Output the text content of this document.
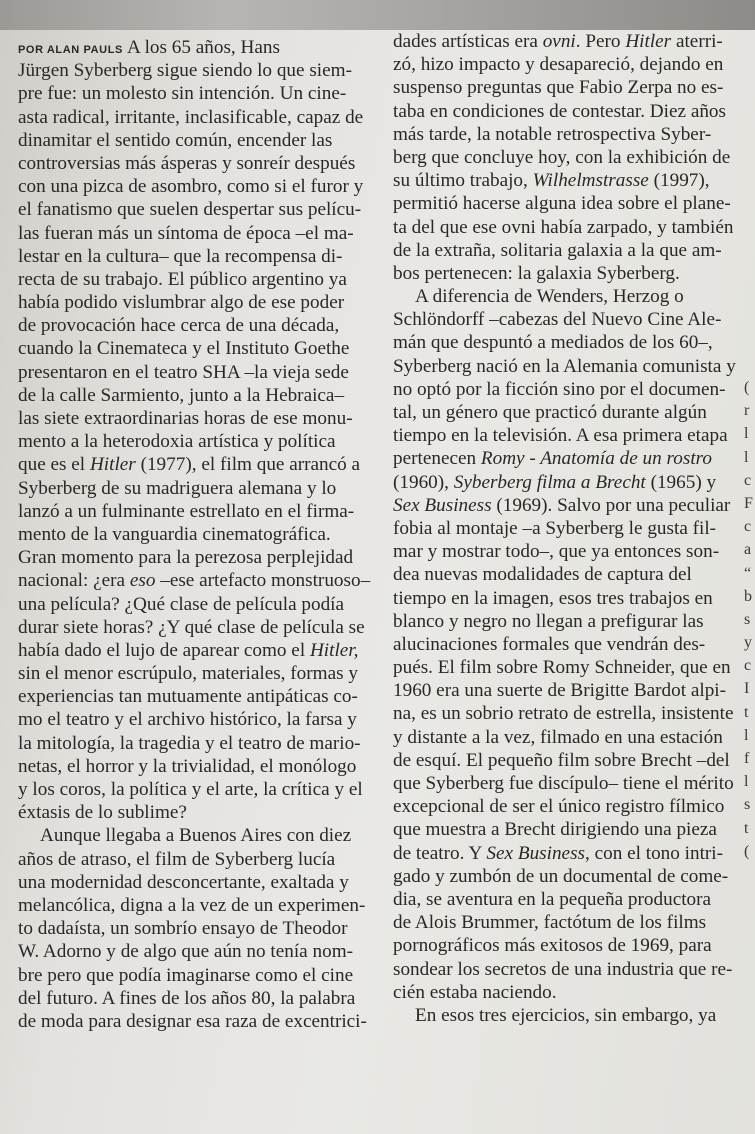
POR ALAN PAULS A los 65 años, Hans
Jürgen Syberberg sigue siendo lo que siem-
pre fue: un molesto sin intención. Un cine-
asta radical, irritante, inclasificable, capaz de
dinamitar el sentido común, encender las
controversias más ásperas y sonreír después
con una pizca de asombro, como si el furor y
el fanatismo que suelen despertar sus pelícu-
las fueran más un síntoma de época –el ma-
lestar en la cultura– que la recompensa di-
recta de su trabajo. El público argentino ya
había podido vislumbrar algo de ese poder
de provocación hace cerca de una década,
cuando la Cinemateca y el Instituto Goethe
presentaron en el teatro SHA –la vieja sede
de la calle Sarmiento, junto a la Hebraica–
las siete extraordinarias horas de ese monu-
mento a la heterodoxia artística y política
que es el Hitler (1977), el film que arrancó a
Syberberg de su madriguera alemana y lo
lanzó a un fulminante estrellato en el firma-
mento de la vanguardia cinematográfica.
Gran momento para la perezosa perplejidad
nacional: ¿era eso –ese artefacto monstruoso–
una película? ¿Qué clase de película podía
durar siete horas? ¿Y qué clase de película se
había dado el lujo de aparear como el Hitler,
sin el menor escrúpulo, materiales, formas y
experiencias tan mutuamente antipáticas co-
mo el teatro y el archivo histórico, la farsa y
la mitología, la tragedia y el teatro de mario-
netas, el horror y la trivialidad, el monólogo
y los coros, la política y el arte, la crítica y el
éxtasis de lo sublime?
Aunque llegaba a Buenos Aires con diez
años de atraso, el film de Syberberg lucía
una modernidad desconcertante, exaltada y
melancólica, digna a la vez de un experimen-
to dadaísta, un sombrío ensayo de Theodor
W. Adorno y de algo que aún no tenía nom-
bre pero que podía imaginarse como el cine
del futuro. A fines de los años 80, la palabra
de moda para designar esa raza de excentrici-
dades artísticas era ovni. Pero Hitler aterri-
zó, hizo impacto y desapareció, dejando en
suspenso preguntas que Fabio Zerpa no es-
taba en condiciones de contestar. Diez años
más tarde, la notable retrospectiva Syber-
berg que concluye hoy, con la exhibición de
su último trabajo, Wilhelmstrasse (1997),
permitió hacerse alguna idea sobre el plane-
ta del que ese ovni había zarpado, y también
de la extraña, solitaria galaxia a la que am-
bos pertenecen: la galaxia Syberberg.
A diferencia de Wenders, Herzog o
Schlöndorff –cabezas del Nuevo Cine Ale-
mán que despuntó a mediados de los 60–,
Syberberg nació en la Alemania comunista y
no optó por la ficción sino por el documen-
tal, un género que practicó durante algún
tiempo en la televisión. A esa primera etapa
pertenecen Romy - Anatomía de un rostro
(1960), Syberberg filma a Brecht (1965) y
Sex Business (1969). Salvo por una peculiar
fobia al montaje –a Syberberg le gusta fil-
mar y mostrar todo–, que ya entonces son-
dea nuevas modalidades de captura del
tiempo en la imagen, esos tres trabajos en
blanco y negro no llegan a prefigurar las
alucinaciones formales que vendrán des-
pués. El film sobre Romy Schneider, que en
1960 era una suerte de Brigitte Bardot alpi-
na, es un sobrio retrato de estrella, insistente
y distante a la vez, filmado en una estación
de esquí. El pequeño film sobre Brecht –del
que Syberberg fue discípulo– tiene el mérito
excepcional de ser el único registro fílmico
que muestra a Brecht dirigiendo una pieza
de teatro. Y Sex Business, con el tono intri-
gado y zumbón de un documental de come-
dia, se aventura en la pequeña productora
de Alois Brummer, factótum de los films
pornográficos más exitosos de 1969, para
sondear los secretos de una industria que re-
cién estaba naciendo.
En esos tres ejercicios, sin embargo, ya
(
r
l
l
c
F
c
a
“
b
s
y
c
I
t
l
f
l
s
t
(
